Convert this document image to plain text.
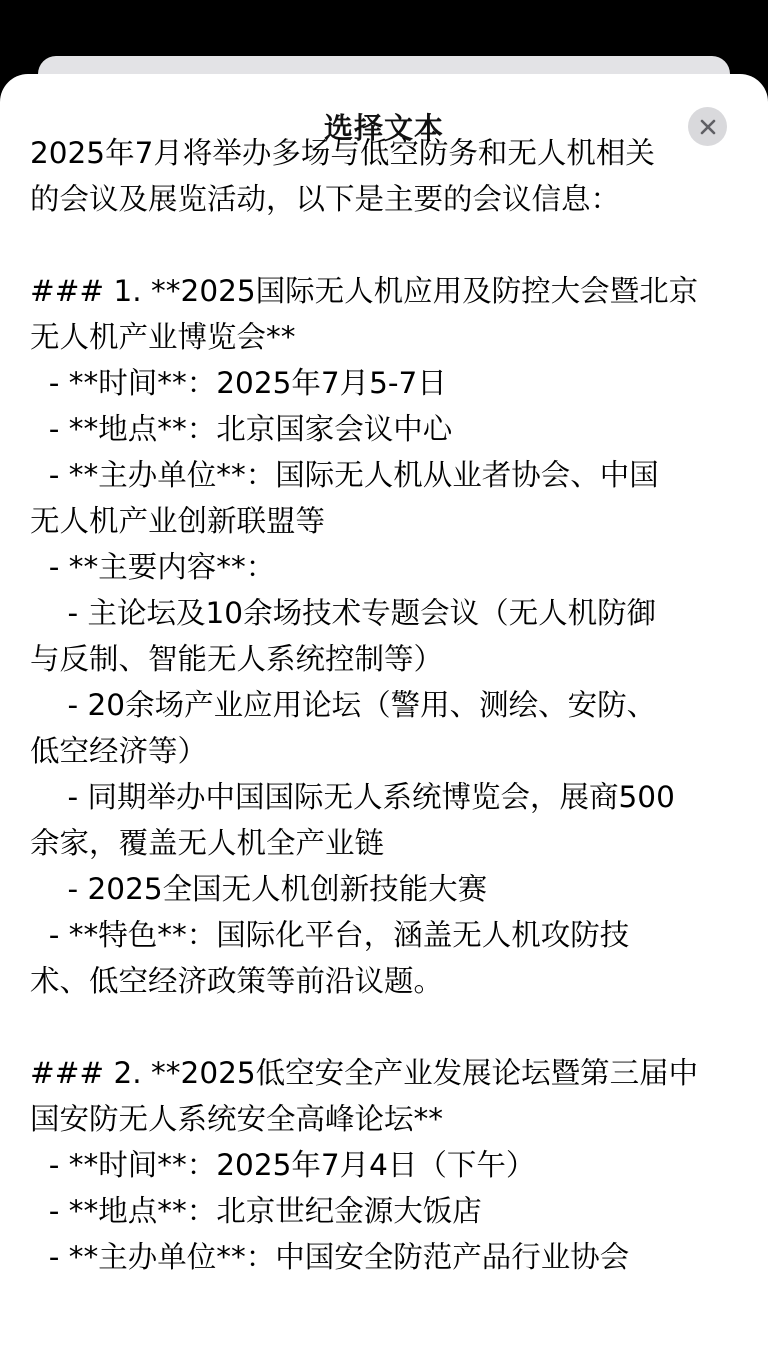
选择文本
2025年7月将举办多场与低空防务和无人机相关
的会议及展览活动，以下是主要的会议信息：
### 1. **2025国际无人机应用及防控大会暨北京
无人机产业博览会**
- **时间**：2025年7月5-7日
- **地点**：北京国家会议中心
- **主办单位**：国际无人机从业者协会、中国
无人机产业创新联盟等
- **主要内容**：
- 主论坛及10余场技术专题会议（无人机防御
与反制、智能无人系统控制等）
- 20余场产业应用论坛（警用、测绘、安防、
低空经济等）
- 同期举办中国国际无人系统博览会，展商500
余家，覆盖无人机全产业链
- 2025全国无人机创新技能大赛
- **特色**：国际化平台，涵盖无人机攻防技
术、低空经济政策等前沿议题。
### 2. **2025低空安全产业发展论坛暨第三届中
国安防无人系统安全高峰论坛**
- **时间**：2025年7月4日（下午）
- **地点**：北京世纪金源大饭店
- **主办单位**：中国安全防范产品行业协会
